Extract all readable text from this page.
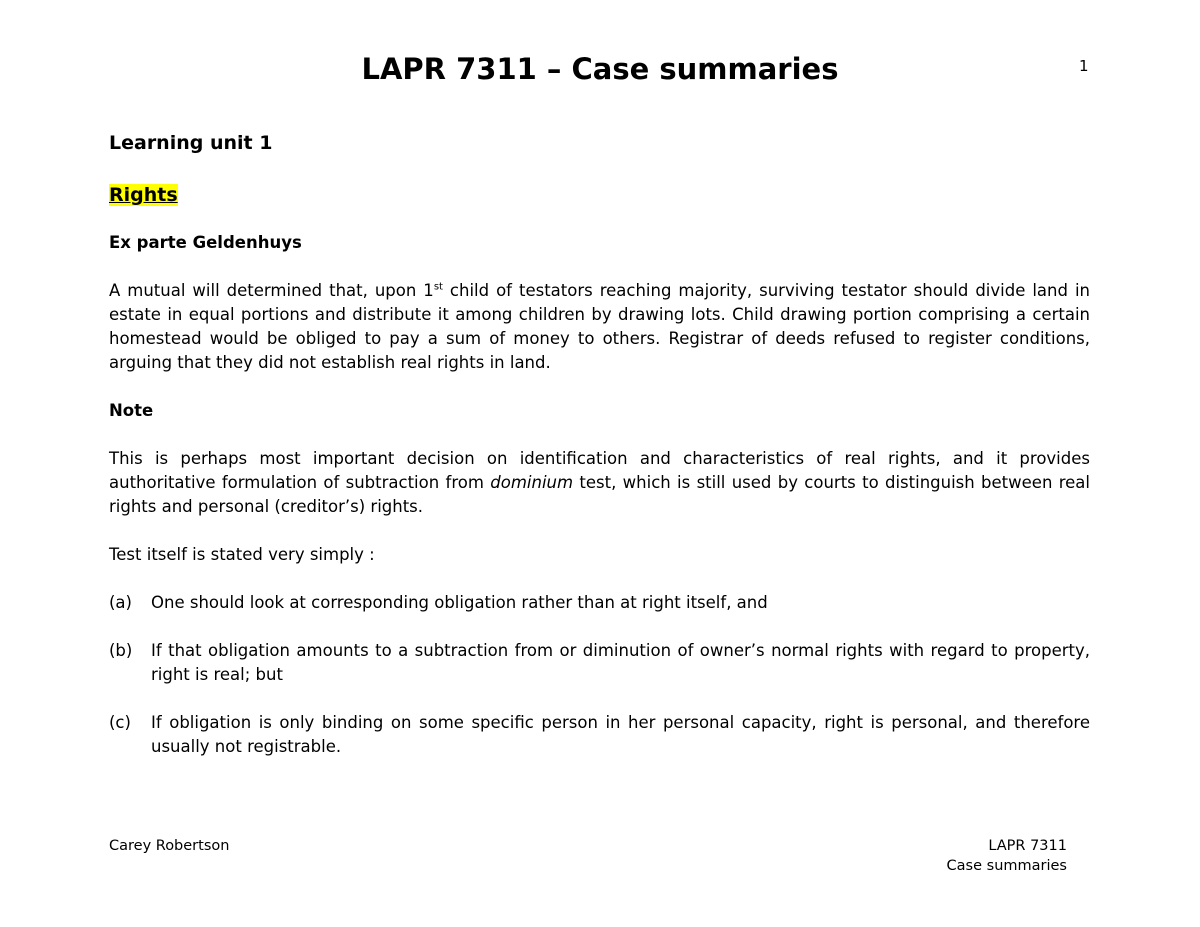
1
LAPR 7311 – Case summaries
Learning unit 1
Rights

Ex parte Geldenhuys

A mutual will determined that, upon 1st child of testators reaching majority, surviving testator should divide land in estate in equal portions and distribute it among children by drawing lots. Child drawing portion comprising a certain homestead would be obliged to pay a sum of money to others. Registrar of deeds refused to register conditions, arguing that they did not establish real rights in land.

Note

This is perhaps most important decision on identification and characteristics of real rights, and it provides authoritative formulation of subtraction from dominium test, which is still used by courts to distinguish between real rights and personal (creditor’s) rights.

Test itself is stated very simply :

(a)	One should look at corresponding obligation rather than at right itself, and
(b)	If that obligation amounts to a subtraction from or diminution of owner’s normal rights with regard to property, right is real; but
(c)	If obligation is only binding on some specific person in her personal capacity, right is personal, and therefore usually not registrable.
Carey Robertson	LAPR 7311
Case summaries
